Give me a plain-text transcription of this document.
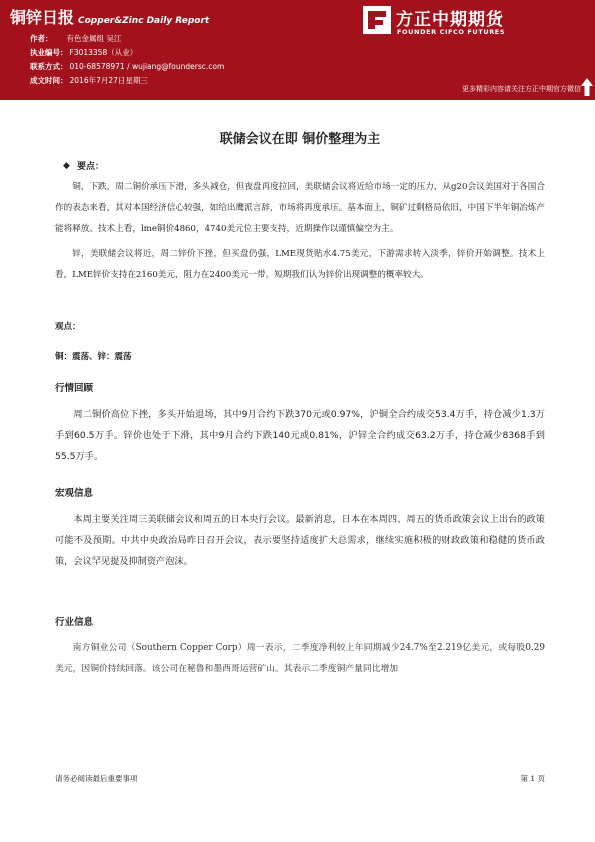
铜锌日报 Copper&Zinc Daily Report
作者： 有色金属组 吴江
执业编号： F3013358（从业）
联系方式： 010-68578971 / wujiang@foundersc.com
成文时间： 2016年7月27日星期三
方正中期期货
FOUNDER CIFCO FUTURES
更多精彩内容请关注方正中期官方微信
联储会议在即 铜价整理为主
◆ 要点：

铜，下跌，周二铜价承压下滑，多头减仓，但夜盘再度拉回，美联储会议将近给市场一定的压力，从g20会议美国对于各国合作的表态来看，其对本国经济信心较强，如给出鹰派言辞，市场将再度承压。基本面上，铜矿过剩格局依旧，中国下半年铜冶炼产能将释放。技术上看，lme铜价4860，4740美元位主要支持，近期操作以谨慎偏空为主。

锌，美联储会议将近，周二锌价下挫，但买盘仍强，LME现货贴水4.75美元，下游需求转入淡季，锌价开始调整。技术上看，LME锌价支持在2160美元，阻力在2400美元一带。短期我们认为锌价出现调整的概率较大。

观点：
铜：震荡、锌：震荡
行情回顾

周二铜价高位下挫，多头开始退场，其中9月合约下跌370元或0.97%，沪铜全合约成交53.4万手，持仓减少1.3万手到60.5万手。锌价也处于下滑，其中9月合约下跌140元或0.81%，沪锌全合约成交63.2万手，持仓减少8368手到55.5万手。

宏观信息

本周主要关注周三美联储会议和周五的日本央行会议。最新消息，日本在本周四、周五的货币政策会议上出台的政策可能不及预期。中共中央政治局昨日召开会议，表示要坚持适度扩大总需求，继续实施积极的财政政策和稳健的货币政策，会议罕见提及抑制资产泡沫。

行业信息

南方铜业公司（Southern Copper Corp）周一表示，二季度净利较上年同期减少24.7%至2.219亿美元，或每股0.29美元，因铜价持续回落。该公司在秘鲁和墨西哥运营矿山。其表示二季度铜产量同比增加

请务必阅读最后重要事项	第 1 页
